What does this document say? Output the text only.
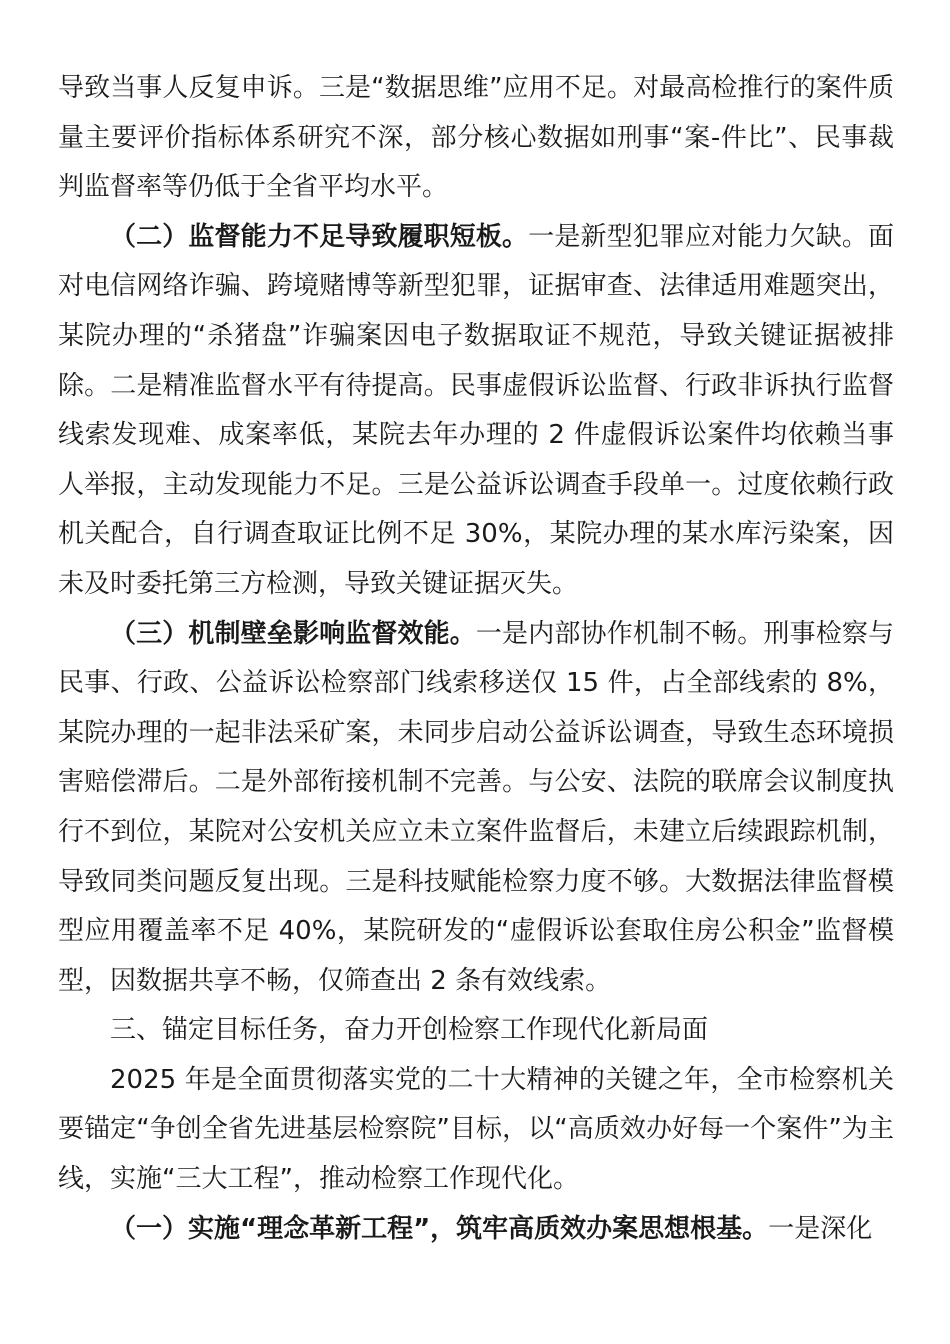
导致当事人反复申诉。三是“数据思维”应用不足。对最高检推行的案件质量主要评价指标体系研究不深，部分核心数据如刑事“案-件比”、民事裁判监督率等仍低于全省平均水平。

（二）监督能力不足导致履职短板。一是新型犯罪应对能力欠缺。面对电信网络诈骗、跨境赌博等新型犯罪，证据审查、法律适用难题突出，某院办理的“杀猪盘”诈骗案因电子数据取证不规范，导致关键证据被排除。二是精准监督水平有待提高。民事虚假诉讼监督、行政非诉执行监督线索发现难、成案率低，某院去年办理的 2 件虚假诉讼案件均依赖当事人举报，主动发现能力不足。三是公益诉讼调查手段单一。过度依赖行政机关配合，自行调查取证比例不足 30%，某院办理的某水库污染案，因未及时委托第三方检测，导致关键证据灭失。

（三）机制壁垒影响监督效能。一是内部协作机制不畅。刑事检察与民事、行政、公益诉讼检察部门线索移送仅 15 件，占全部线索的 8%，某院办理的一起非法采矿案，未同步启动公益诉讼调查，导致生态环境损害赔偿滞后。二是外部衔接机制不完善。与公安、法院的联席会议制度执行不到位，某院对公安机关应立未立案件监督后，未建立后续跟踪机制，导致同类问题反复出现。三是科技赋能检察力度不够。大数据法律监督模型应用覆盖率不足 40%，某院研发的“虚假诉讼套取住房公积金”监督模型，因数据共享不畅，仅筛查出 2 条有效线索。

三、锚定目标任务，奋力开创检察工作现代化新局面

2025 年是全面贯彻落实党的二十大精神的关键之年，全市检察机关要锚定“争创全省先进基层检察院”目标，以“高质效办好每一个案件”为主线，实施“三大工程”，推动检察工作现代化。

（一）实施“理念革新工程”，筑牢高质效办案思想根基。一是深化
